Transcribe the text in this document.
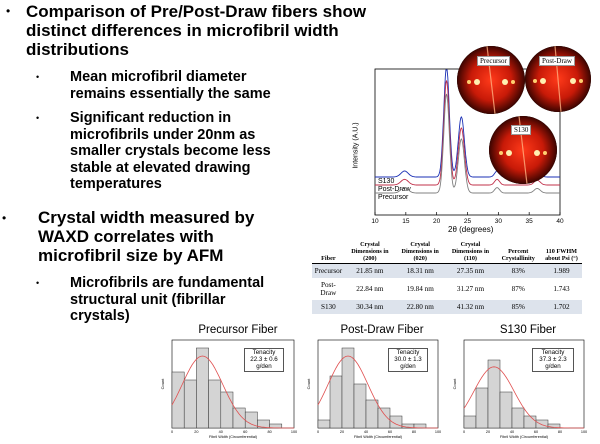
• Comparison of Pre/Post-Draw fibers show
distinct differences in microfibril width
distributions
• Mean microfibril diameter
remains essentially the same
• Significant reduction in
microfibrils under 20nm as
smaller crystals become less
stable at elevated drawing
temperatures
• Crystal width measured by
WAXD correlates with
microfibril size by AFM
• Microfibrils are fundamental
structural unit (fibrillar
crystals)
10	15	20	25	30	35	40
S130
Post-Draw
Precursor
Intensity (A.U.)
2θ (degrees)
Precursor	Post-Draw
S130
Fiber	Crystal Dimensions in (200)	Crystal Dimensions in (020)	Crystal Dimensions in (110)	Percent Crystallinity	110 FWHM about Psi (°)
Precursor	21.85 nm	18.31 nm	27.35 nm	83%	1.989
Post-Draw	22.84 nm	19.84 nm	31.27 nm	87%	1.743
S130	30.34 nm	22.80 nm	41.32 nm	85%	1.702
Precursor Fiber
0	20	40	60	80	100
Fibril Width (Circumferential)
Count
Tenacity
22.3 ± 0.6
g/den
Post-Draw Fiber
0	20	40	60	80	100
Fibril Width (Circumferential)
Count
Tenacity
30.0 ± 1.3
g/den
S130 Fiber
0	20	40	60	80	100
Fibril Width (Circumferential)
Count
Tenacity
37.3 ± 2.3
g/den
